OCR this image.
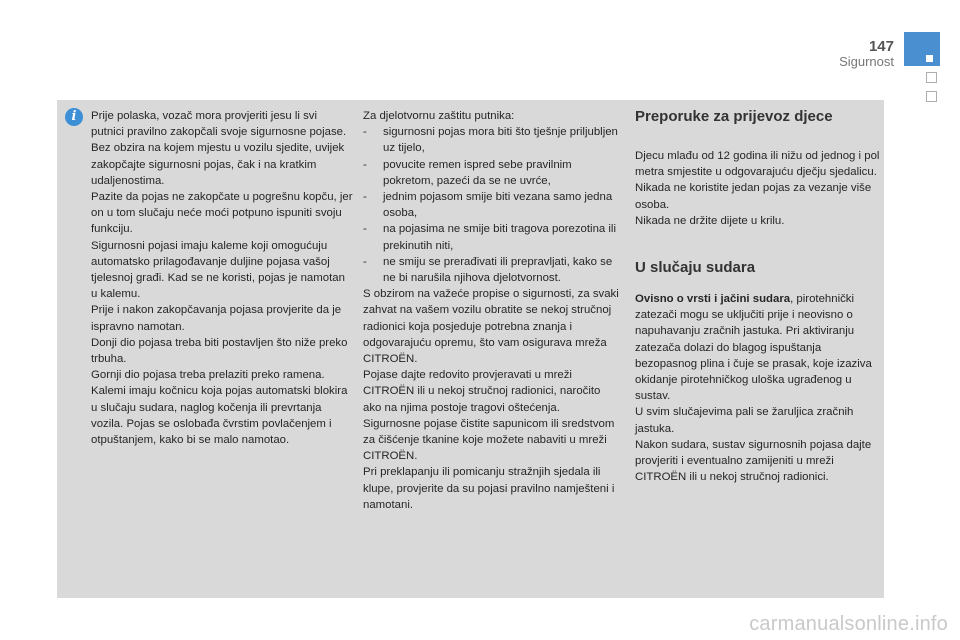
147
Sigurnost
i	Prije polaska, vozač mora provjeriti jesu li svi putnici pravilno zakopčali svoje sigurnosne pojase.

Bez obzira na kojem mjestu u vozilu sjedite, uvijek zakopčajte sigurnosni pojas, čak i na kratkim udaljenostima.

Pazite da pojas ne zakopčate u pogrešnu kopču, jer on u tom slučaju neće moći potpuno ispuniti svoju funkciju.

Sigurnosni pojasi imaju kaleme koji omogućuju automatsko prilagođavanje duljine pojasa vašoj tjelesnoj građi. Kad se ne koristi, pojas je namotan u kalemu.

Prije i nakon zakopčavanja pojasa provjerite da je ispravno namotan.

Donji dio pojasa treba biti postavljen što niže preko trbuha.

Gornji dio pojasa treba prelaziti preko ramena.

Kalemi imaju kočnicu koja pojas automatski blokira u slučaju sudara, naglog kočenja ili prevrtanja vozila. Pojas se oslobađa čvrstim povlačenjem i otpuštanjem, kako bi se malo namotao.

Za djelotvornu zaštitu putnika:

-	sigurnosni pojas mora biti što tješnje priljubljen uz tijelo,
-	povucite remen ispred sebe pravilnim pokretom, pazeći da se ne uvrće,
-	jednim pojasom smije biti vezana samo jedna osoba,
-	na pojasima ne smije biti tragova porezotina ili prekinutih niti,
-	ne smiju se prerađivati ili prepravljati, kako se ne bi narušila njihova djelotvornost.

S obzirom na važeće propise o sigurnosti, za svaki zahvat na vašem vozilu obratite se nekoj stručnoj radionici koja posjeduje potrebna znanja i odgovarajuću opremu, što vam osigurava mreža CITROËN.

Pojase dajte redovito provjeravati u mreži CITROËN ili u nekoj stručnoj radionici, naročito ako na njima postoje tragovi oštećenja.

Sigurnosne pojase čistite sapunicom ili sredstvom za čišćenje tkanine koje možete nabaviti u mreži CITROËN.

Pri preklapanju ili pomicanju stražnjih sjedala ili klupe, provjerite da su pojasi pravilno namješteni i namotani.

Preporuke za prijevoz djece

Djecu mlađu od 12 godina ili nižu od jednog i pol metra smjestite u odgovarajuću dječju sjedalicu.

Nikada ne koristite jedan pojas za vezanje više osoba.

Nikada ne držite dijete u krilu.

U slučaju sudara

Ovisno o vrsti i jačini sudara, pirotehnički zatezači mogu se uključiti prije i neovisno o napuhavanju zračnih jastuka. Pri aktiviranju zatezača dolazi do blagog ispuštanja bezopasnog plina i čuje se prasak, koje izaziva okidanje pirotehničkog uloška ugrađenog u sustav.

U svim slučajevima pali se žaruljica zračnih jastuka.

Nakon sudara, sustav sigurnosnih pojasa dajte provjeriti i eventualno zamijeniti u mreži CITROËN ili u nekoj stručnoj radionici.

carmanualsonline.info
